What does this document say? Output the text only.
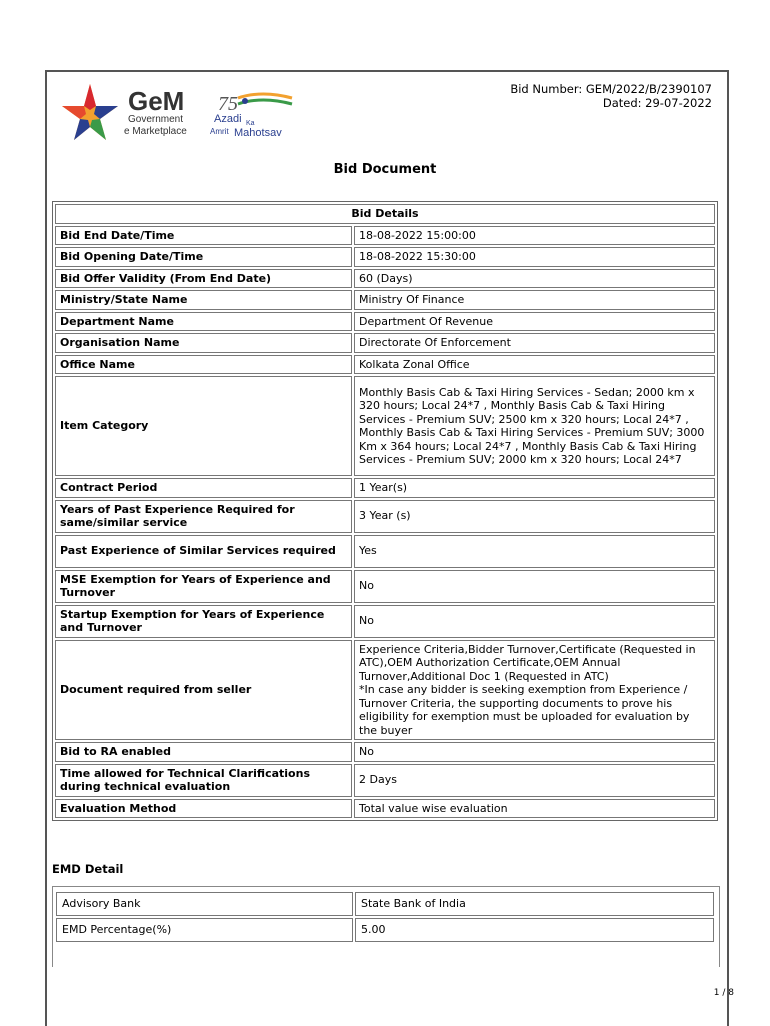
GeM
Government
e Marketplace
75
Azadi Ka
Amrit Mahotsav
Bid Number: GEM/2022/B/2390107
Dated: 29-07-2022
Bid Document
Bid Details	
Bid End Date/Time	18-08-2022 15:00:00
Bid Opening Date/Time	18-08-2022 15:30:00
Bid Offer Validity (From End Date)	60 (Days)
Ministry/State Name	Ministry Of Finance
Department Name	Department Of Revenue
Organisation Name	Directorate Of Enforcement
Office Name	Kolkata Zonal Office
Item Category	Monthly Basis Cab & Taxi Hiring Services - Sedan; 2000 km x 320 hours; Local 24*7 , Monthly Basis Cab & Taxi Hiring Services - Premium SUV; 2500 km x 320 hours; Local 24*7 , Monthly Basis Cab & Taxi Hiring Services - Premium SUV; 3000 Km x 364 hours; Local 24*7 , Monthly Basis Cab & Taxi Hiring Services - Premium SUV; 2000 km x 320 hours; Local 24*7
Contract Period	1 Year(s)
Years of Past Experience Required for same/similar service	3 Year (s)
Past Experience of Similar Services required	Yes
MSE Exemption for Years of Experience and Turnover	No
Startup Exemption for Years of Experience and Turnover	No
Document required from seller	Experience Criteria,Bidder Turnover,Certificate (Requested in ATC),OEM Authorization Certificate,OEM Annual Turnover,Additional Doc 1 (Requested in ATC)
*In case any bidder is seeking exemption from Experience / Turnover Criteria, the supporting documents to prove his eligibility for exemption must be uploaded for evaluation by the buyer
Bid to RA enabled	No
Time allowed for Technical Clarifications during technical evaluation	2 Days
Evaluation Method	Total value wise evaluation
EMD Detail
Advisory Bank	State Bank of India
EMD Percentage(%)	5.00
1 / 8
